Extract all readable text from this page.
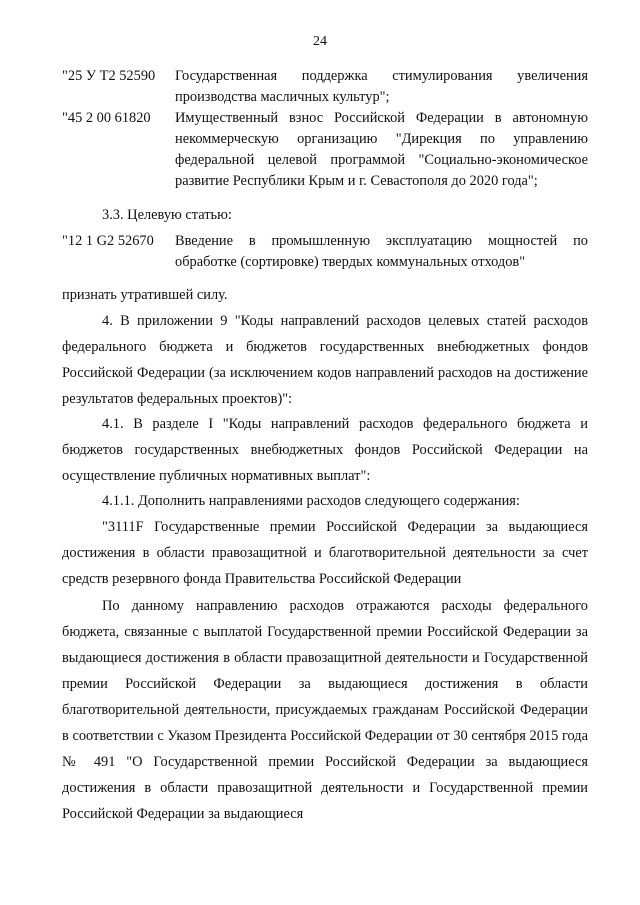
24
"25 У Т2 52590	Государственная поддержка стимулирования увеличения производства масличных культур";
"45 2 00 61820	Имущественный взнос Российской Федерации в автономную некоммерческую организацию "Дирекция по управлению федеральной целевой программой "Социально-экономическое развитие Республики Крым и г. Севастополя до 2020 года";
3.3. Целевую статью:
"12 1 G2 52670	Введение в промышленную эксплуатацию мощностей по обработке (сортировке) твердых коммунальных отходов"
признать утратившей силу.
4. В приложении 9 "Коды направлений расходов целевых статей расходов федерального бюджета и бюджетов государственных внебюджетных фондов Российской Федерации (за исключением кодов направлений расходов на достижение результатов федеральных проектов)":
4.1. В разделе I "Коды направлений расходов федерального бюджета и бюджетов государственных внебюджетных фондов Российской Федерации на осуществление публичных нормативных выплат":
4.1.1. Дополнить направлениями расходов следующего содержания:
"3111F Государственные премии Российской Федерации за выдающиеся достижения в области правозащитной и благотворительной деятельности за счет средств резервного фонда Правительства Российской Федерации
По данному направлению расходов отражаются расходы федерального бюджета, связанные с выплатой Государственной премии Российской Федерации за выдающиеся достижения в области правозащитной деятельности и Государственной премии Российской Федерации за выдающиеся достижения в области благотворительной деятельности, присуждаемых гражданам Российской Федерации в соответствии с Указом Президента Российской Федерации от 30 сентября 2015 года № 491 "О Государственной премии Российской Федерации за выдающиеся достижения в области правозащитной деятельности и Государственной премии Российской Федерации за выдающиеся
